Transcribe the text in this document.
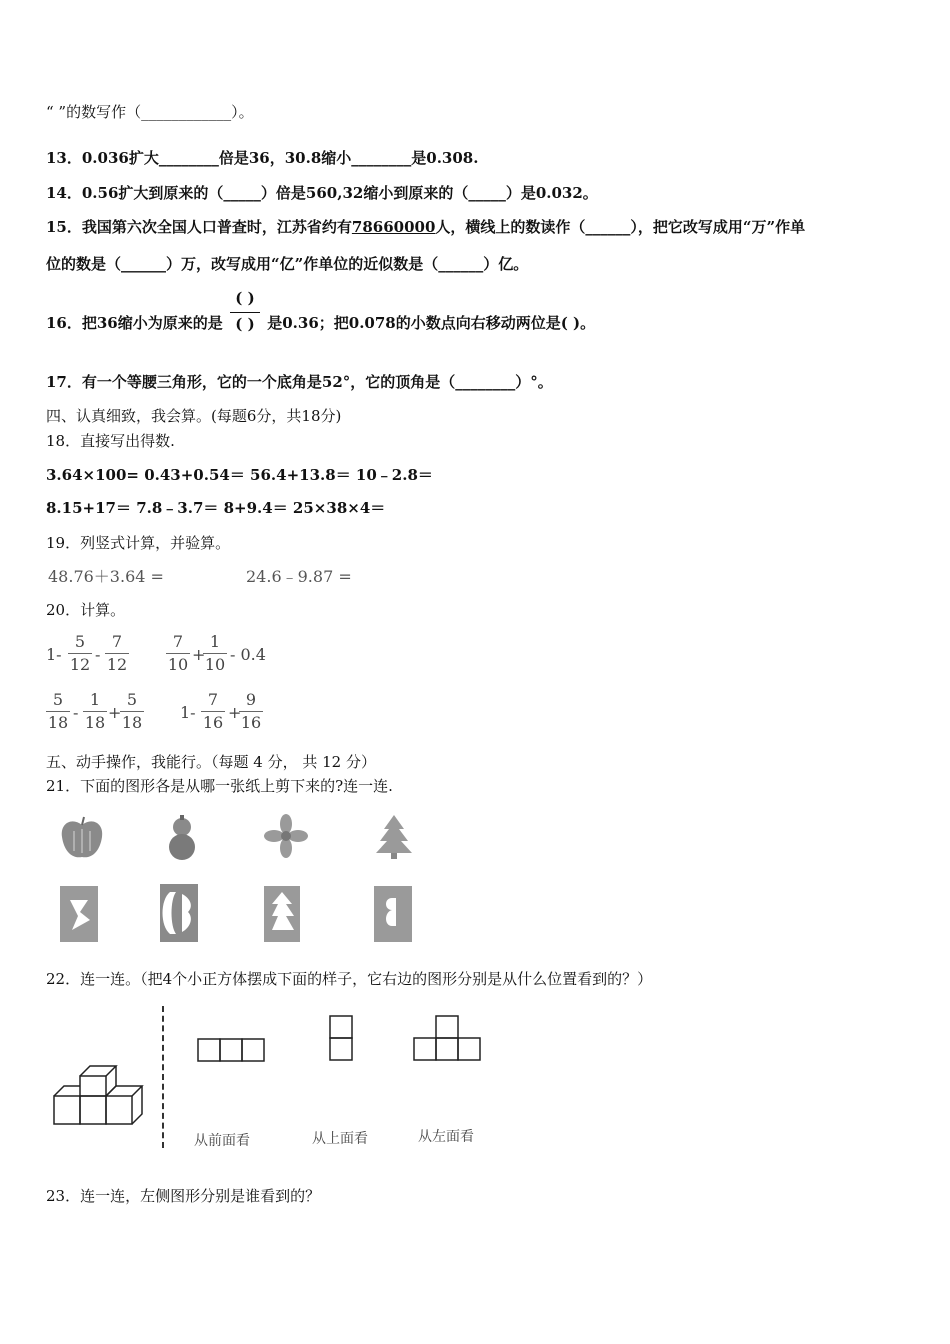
“ ”的数写作（____________）。
13．0.036扩大________倍是36，30.8缩小________是0.308.
14．0.56扩大到原来的（_____）倍是560,32缩小到原来的（_____）是0.032。
15．我国第六次全国人口普查时，江苏省约有78660000人，横线上的数读作（______），把它改写成用“万”作单
位的数是（______）万，改写成用“亿”作单位的近似数是（______）亿。
16．把36缩小为原来的是
( )
( ) 是0.36；把0.078的小数点向右移动两位是( )。
17．有一个等腰三角形，它的一个底角是52°，它的顶角是（________）°。
四、认真细致，我会算。(每题6分，共18分)
18．直接写出得数.
3.64×100= 0.43+0.54＝ 56.4+13.8＝ 10﹣2.8＝
8.15+17＝ 7.8﹣3.7＝ 8+9.4＝ 25×38×4＝
19．列竖式计算，并验算。
48.76＋3.64 =	24.6﹣9.87 =
20．计算。
1-
5
12
-
7
12
7
10
+
1
10
- 0.4
5
18
-
1
18
+
5
18
1-
7
16
+
9
16
五、动手操作，我能行。（每题 4 分， 共 12 分）
21．下面的图形各是从哪一张纸上剪下来的?连一连.
22．连一连。（把4个小正方体摆成下面的样子，它右边的图形分别是从什么位置看到的？）
从前面看	从上面看	从左面看
23．连一连，左侧图形分别是谁看到的？
